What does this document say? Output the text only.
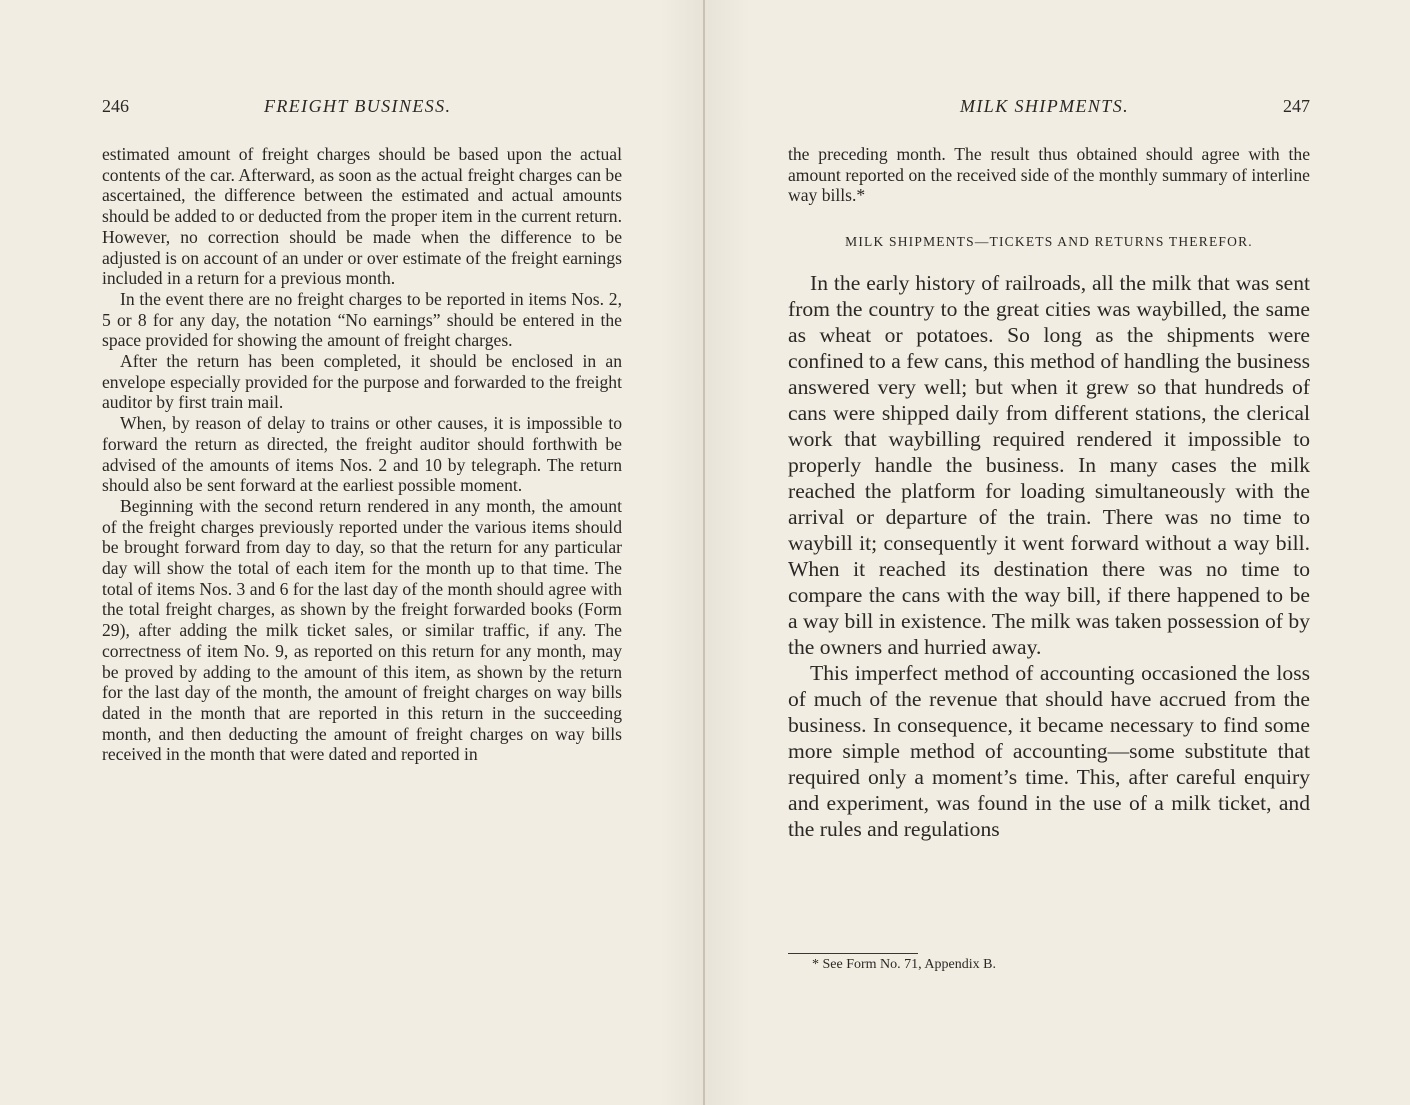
246	FREIGHT BUSINESS.

estimated amount of freight charges should be based upon the actual contents of the car. Afterward, as soon as the actual freight charges can be ascertained, the difference between the estimated and actual amounts should be added to or deducted from the proper item in the current return. However, no correction should be made when the difference to be adjusted is on account of an under or over estimate of the freight earnings included in a return for a previous month.

In the event there are no freight charges to be reported in items Nos. 2, 5 or 8 for any day, the notation “No earnings” should be entered in the space provided for showing the amount of freight charges.

After the return has been completed, it should be enclosed in an envelope especially provided for the purpose and forwarded to the freight auditor by first train mail.

When, by reason of delay to trains or other causes, it is impossible to forward the return as directed, the freight auditor should forthwith be advised of the amounts of items Nos. 2 and 10 by telegraph. The return should also be sent forward at the earliest possible moment.

Beginning with the second return rendered in any month, the amount of the freight charges previously reported under the various items should be brought forward from day to day, so that the return for any particular day will show the total of each item for the month up to that time. The total of items Nos. 3 and 6 for the last day of the month should agree with the total freight charges, as shown by the freight forwarded books (Form 29), after adding the milk ticket sales, or similar traffic, if any. The correctness of item No. 9, as reported on this return for any month, may be proved by adding to the amount of this item, as shown by the return for the last day of the month, the amount of freight charges on way bills dated in the month that are reported in this return in the succeeding month, and then deducting the amount of freight charges on way bills received in the month that were dated and reported in

MILK SHIPMENTS.	247

the preceding month. The result thus obtained should agree with the amount reported on the received side of the monthly summary of interline way bills.*

MILK SHIPMENTS—TICKETS AND RETURNS THEREFOR.

In the early history of railroads, all the milk that was sent from the country to the great cities was waybilled, the same as wheat or potatoes. So long as the shipments were confined to a few cans, this method of handling the business answered very well; but when it grew so that hundreds of cans were shipped daily from different stations, the clerical work that waybilling required rendered it impossible to properly handle the business. In many cases the milk reached the platform for loading simultaneously with the arrival or departure of the train. There was no time to waybill it; consequently it went forward without a way bill. When it reached its destination there was no time to compare the cans with the way bill, if there happened to be a way bill in existence. The milk was taken possession of by the owners and hurried away.

This imperfect method of accounting occasioned the loss of much of the revenue that should have accrued from the business. In consequence, it became necessary to find some more simple method of accounting—some substitute that required only a moment’s time. This, after careful enquiry and experiment, was found in the use of a milk ticket, and the rules and regulations

* See Form No. 71, Appendix B.
